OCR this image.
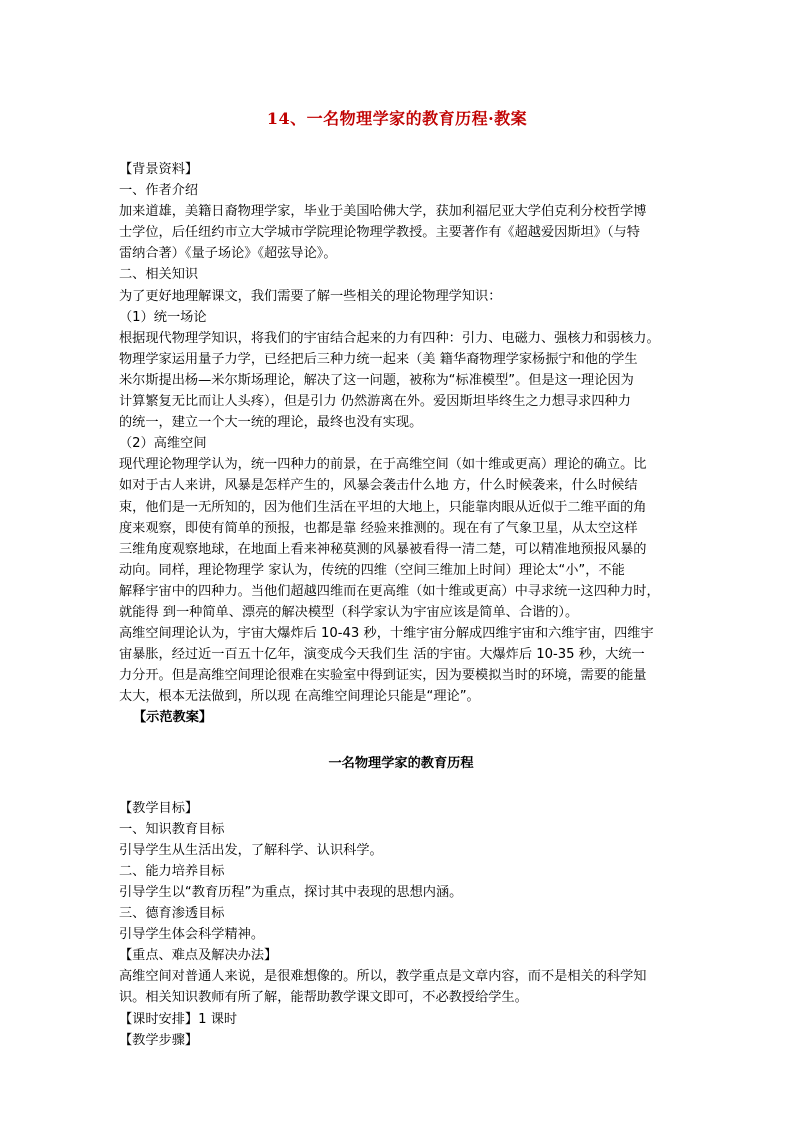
14、一名物理学家的教育历程·教案

【背景资料】

一、作者介绍

加来道雄，美籍日裔物理学家，毕业于美国哈佛大学，获加利福尼亚大学伯克利分校哲学博

士学位，后任纽约市立大学城市学院理论物理学教授。主要著作有《超越爱因斯坦》（与特

雷纳合著）《量子场论》《超弦导论》。

二、相关知识

为了更好地理解课文，我们需要了解一些相关的理论物理学知识：

（1）统一场论

根据现代物理学知识，将我们的宇宙结合起来的力有四种：引力、电磁力、强核力和弱核力。

物理学家运用量子力学，已经把后三种力统一起来（美 籍华裔物理学家杨振宁和他的学生

米尔斯提出杨—米尔斯场理论，解决了这一问题，被称为“标准模型”。但是这一理论因为

计算繁复无比而让人头疼），但是引力 仍然游离在外。爱因斯坦毕终生之力想寻求四种力

的统一，建立一个大一统的理论，最终也没有实现。

（2）高维空间

现代理论物理学认为，统一四种力的前景，在于高维空间（如十维或更高）理论的确立。比

如对于古人来讲，风暴是怎样产生的，风暴会袭击什么地 方，什么时候袭来，什么时候结

束，他们是一无所知的，因为他们生活在平坦的大地上，只能靠肉眼从近似于二维平面的角

度来观察，即使有简单的预报，也都是靠 经验来推测的。现在有了气象卫星，从太空这样

三维角度观察地球，在地面上看来神秘莫测的风暴被看得一清二楚，可以精准地预报风暴的

动向。同样，理论物理学 家认为，传统的四维（空间三维加上时间）理论太“小”，不能

解释宇宙中的四种力。当他们超越四维而在更高维（如十维或更高）中寻求统一这四种力时，

就能得 到一种简单、漂亮的解决模型（科学家认为宇宙应该是简单、合谐的）。

高维空间理论认为，宇宙大爆炸后 10-43 秒，十维宇宙分解成四维宇宙和六维宇宙，四维宇

宙暴胀，经过近一百五十亿年，演变成今天我们生 活的宇宙。大爆炸后 10-35 秒，大统一

力分开。但是高维空间理论很难在实验室中得到证实，因为要模拟当时的环境，需要的能量

太大，根本无法做到，所以现 在高维空间理论只能是“理论”。

【示范教案】

一名物理学家的教育历程

【教学目标】

一、知识教育目标

引导学生从生活出发，了解科学、认识科学。

二、能力培养目标

引导学生以“教育历程”为重点，探讨其中表现的思想内涵。

三、德育渗透目标

引导学生体会科学精神。

【重点、难点及解决办法】

高维空间对普通人来说，是很难想像的。所以，教学重点是文章内容，而不是相关的科学知

识。相关知识教师有所了解，能帮助教学课文即可，不必教授给学生。

【课时安排】1 课时

【教学步骤】
